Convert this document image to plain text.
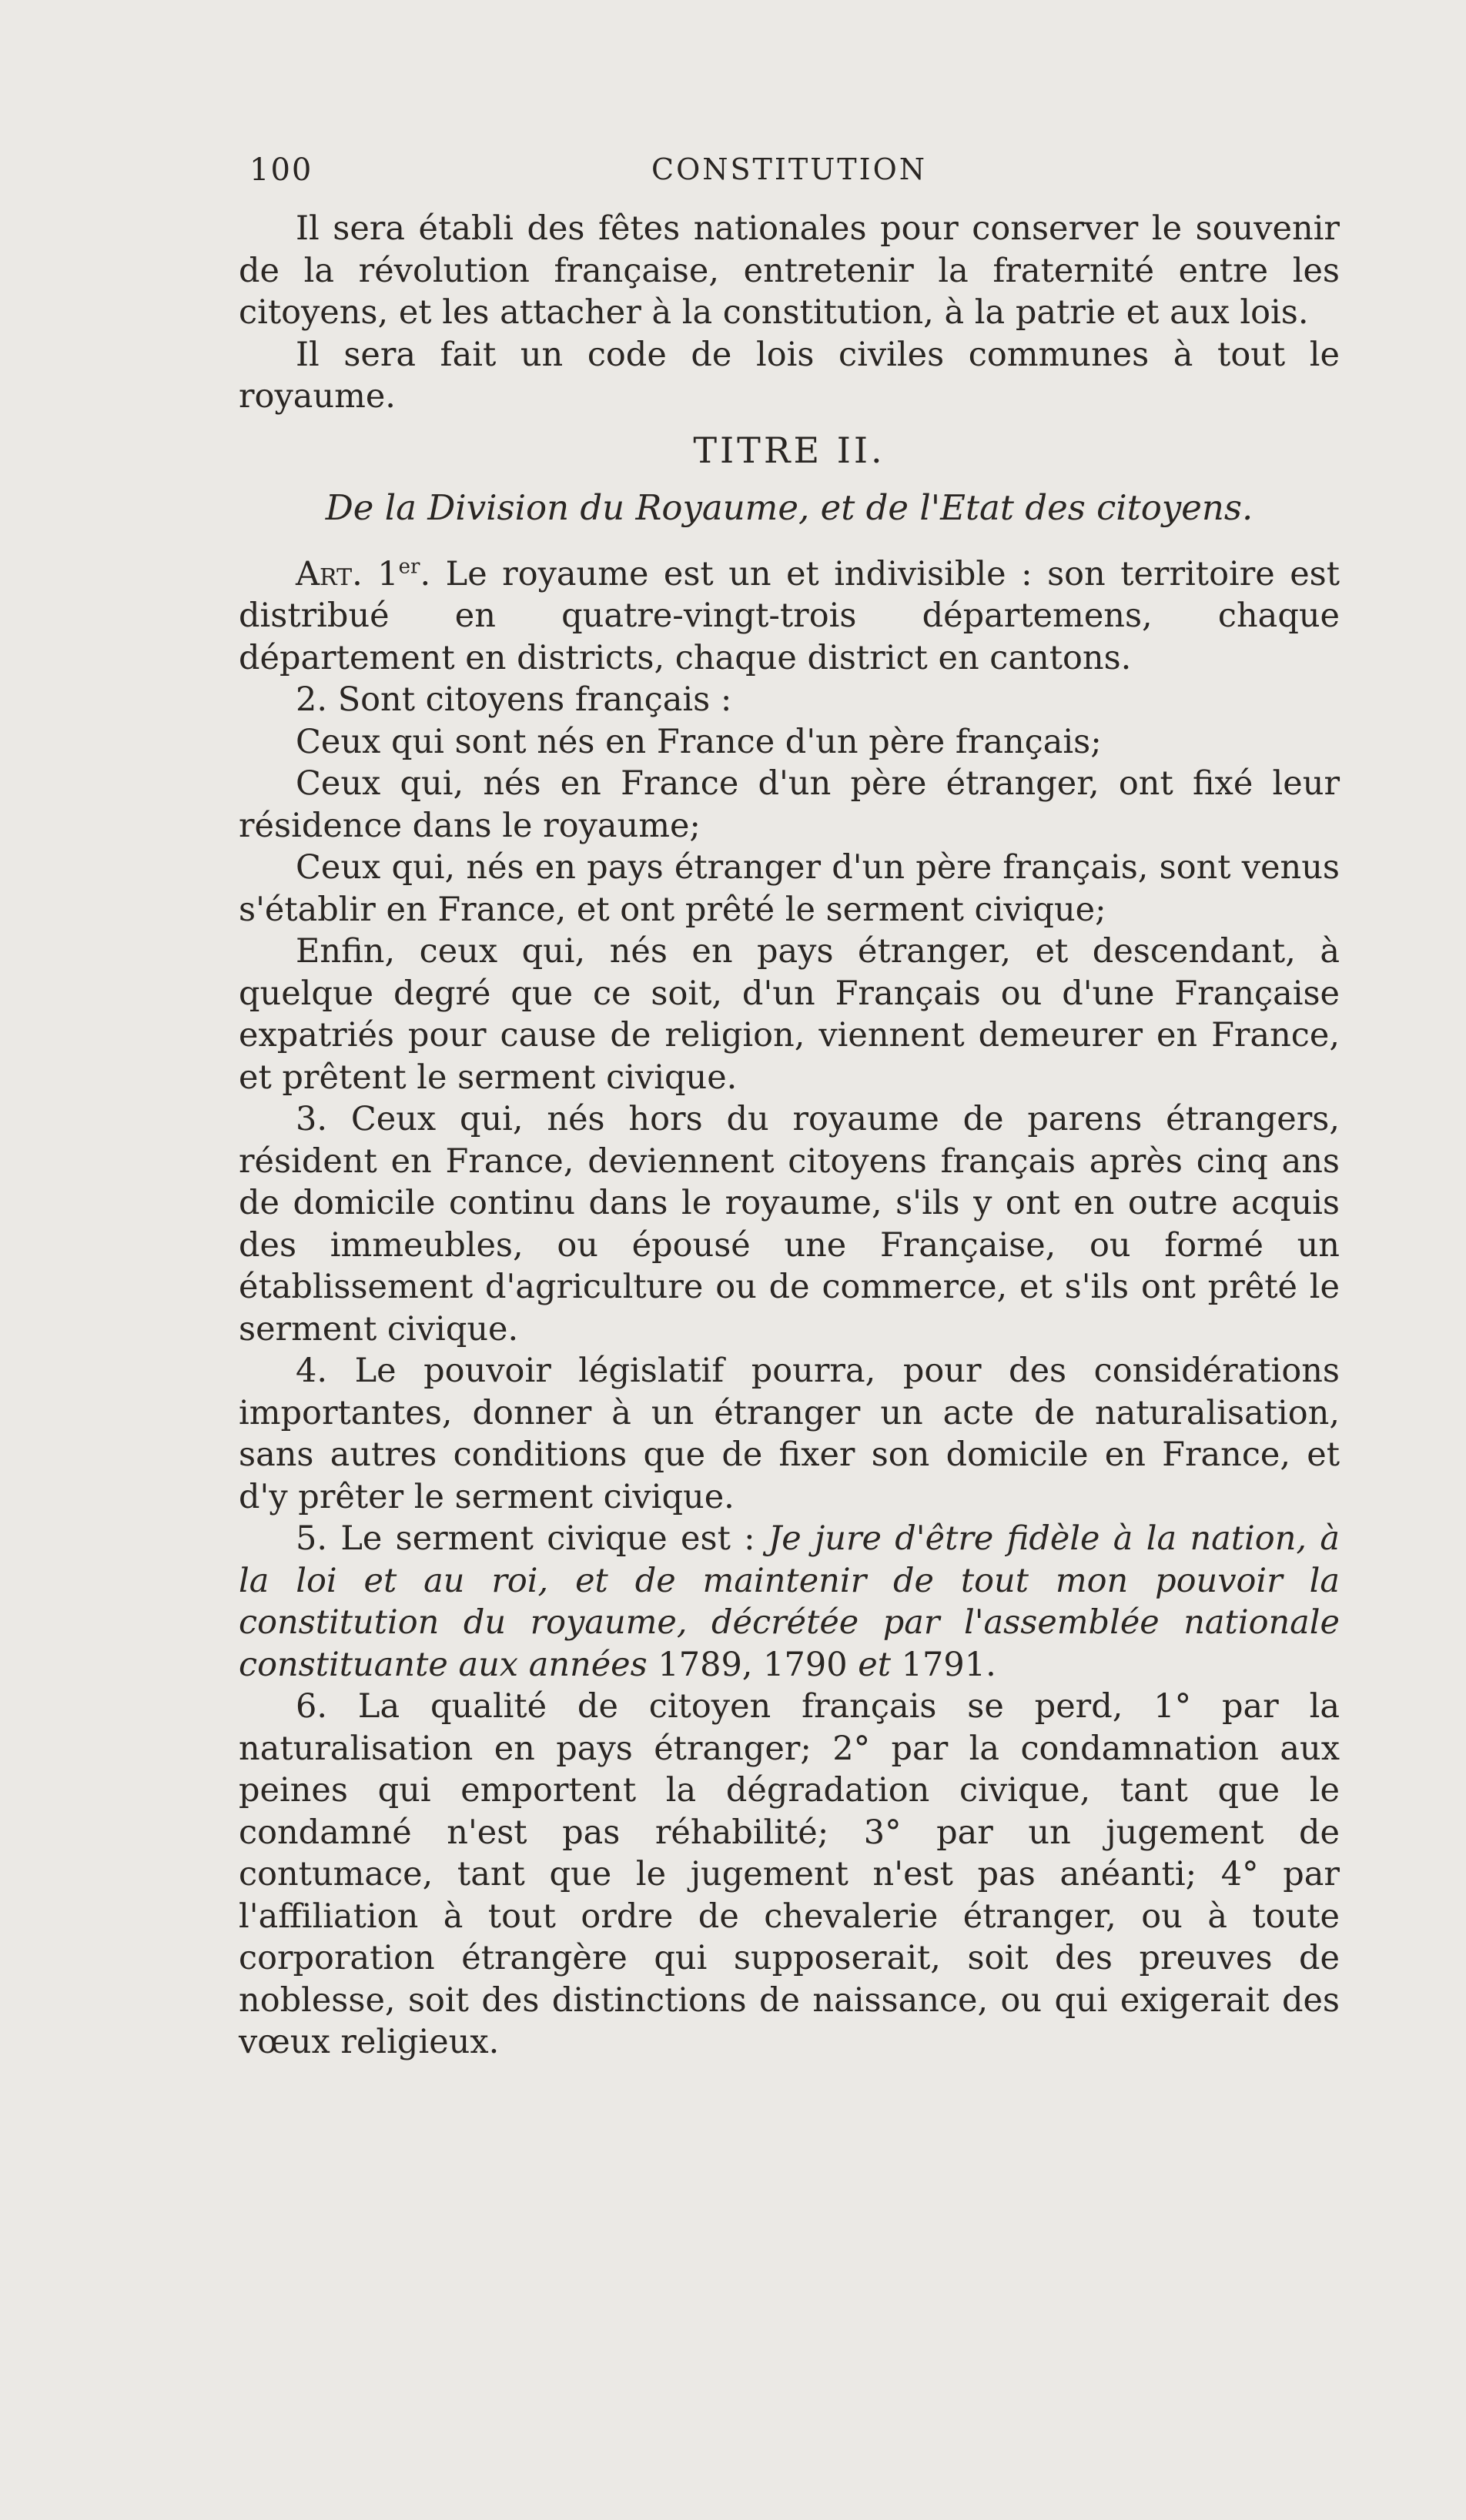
100	CONSTITUTION

Il sera établi des fêtes nationales pour conserver le souvenir de la révolution française, entretenir la fraternité entre les citoyens, et les attacher à la constitution, à la patrie et aux lois.

Il sera fait un code de lois civiles communes à tout le royaume.

TITRE II.
De la Division du Royaume, et de l'Etat des citoyens.

Art. 1er. Le royaume est un et indivisible : son territoire est distribué en quatre-vingt-trois départemens, chaque département en districts, chaque district en cantons.

2. Sont citoyens français :

Ceux qui sont nés en France d'un père français;

Ceux qui, nés en France d'un père étranger, ont fixé leur résidence dans le royaume;

Ceux qui, nés en pays étranger d'un père français, sont venus s'établir en France, et ont prêté le serment civique;

Enfin, ceux qui, nés en pays étranger, et descendant, à quelque degré que ce soit, d'un Français ou d'une Française expatriés pour cause de religion, viennent demeurer en France, et prêtent le serment civique.

3. Ceux qui, nés hors du royaume de parens étrangers, résident en France, deviennent citoyens français après cinq ans de domicile continu dans le royaume, s'ils y ont en outre acquis des immeubles, ou épousé une Française, ou formé un établissement d'agriculture ou de commerce, et s'ils ont prêté le serment civique.

4. Le pouvoir législatif pourra, pour des considérations importantes, donner à un étranger un acte de naturalisation, sans autres conditions que de fixer son domicile en France, et d'y prêter le serment civique.

5. Le serment civique est : Je jure d'être fidèle à la nation, à la loi et au roi, et de maintenir de tout mon pouvoir la constitution du royaume, décrétée par l'assemblée nationale constituante aux années 1789, 1790 et 1791.

6. La qualité de citoyen français se perd, 1° par la naturalisation en pays étranger; 2° par la condamnation aux peines qui emportent la dégradation civique, tant que le condamné n'est pas réhabilité; 3° par un jugement de contumace, tant que le jugement n'est pas anéanti; 4° par l'affiliation à tout ordre de chevalerie étranger, ou à toute corporation étrangère qui supposerait, soit des preuves de noblesse, soit des distinctions de naissance, ou qui exigerait des vœux religieux.
